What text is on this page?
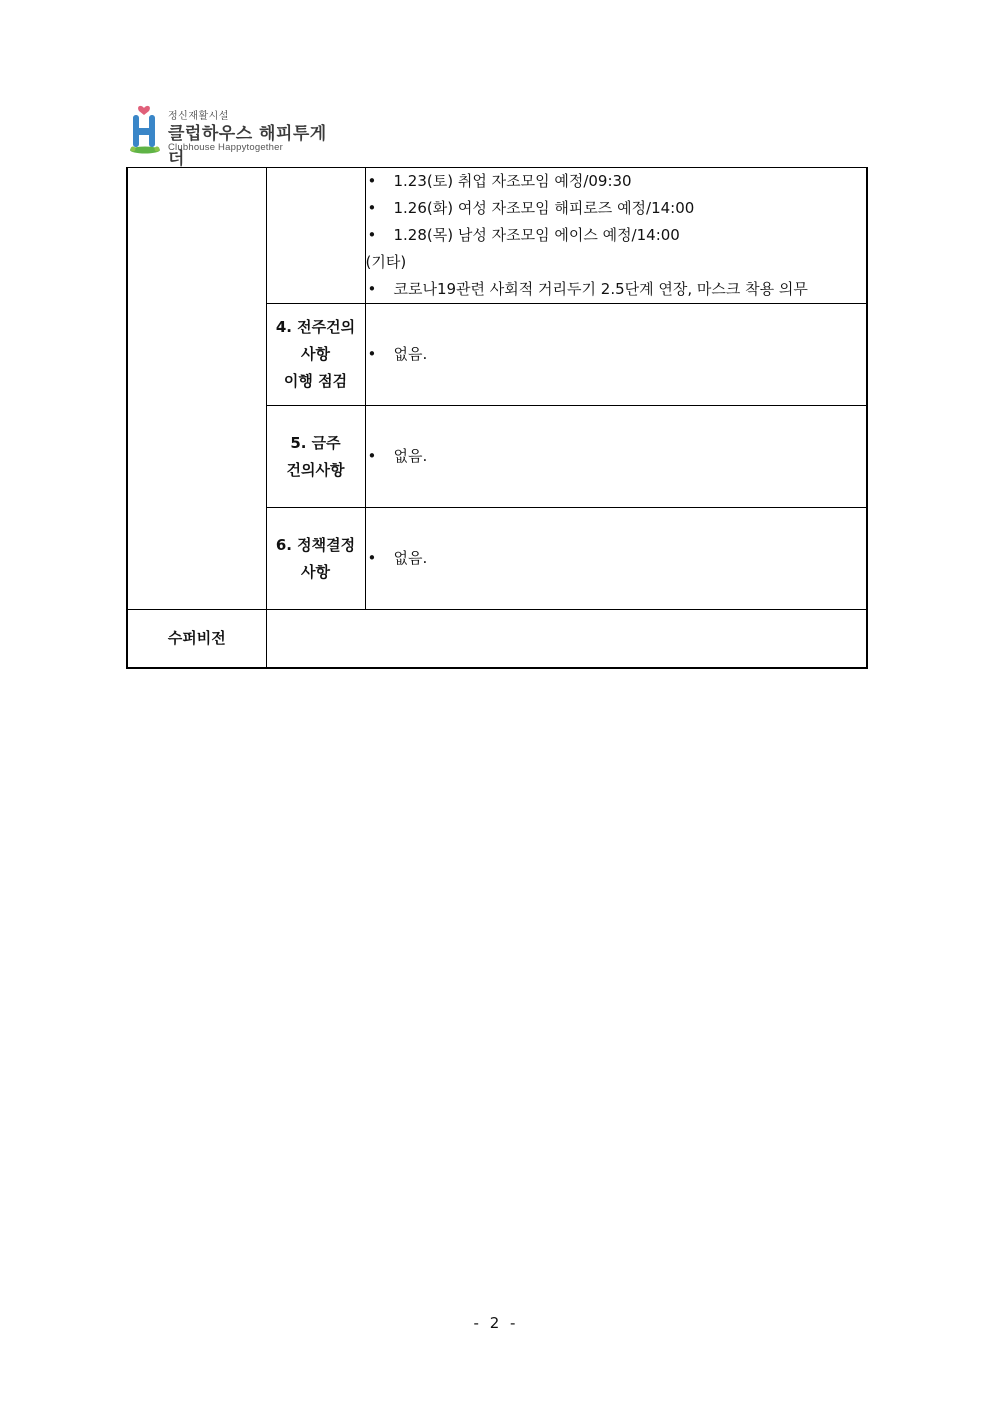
정신재활시설
클럽하우스 해피투게더
Clubhouse Happytogether

		• 1.23(토) 취업 자조모임 예정/09:30
• 1.26(화) 여성 자조모임 해피로즈 예정/14:00
• 1.28(목) 남성 자조모임 에이스 예정/14:00
(기타)
• 코로나19관련 사회적 거리두기 2.5단계 연장, 마스크 착용 의무

	4. 전주건의
사항
이행 점검	• 없음.

	5. 금주
건의사항	• 없음.

	6. 정책결정
사항	• 없음.

수퍼비전		
- 2 -
